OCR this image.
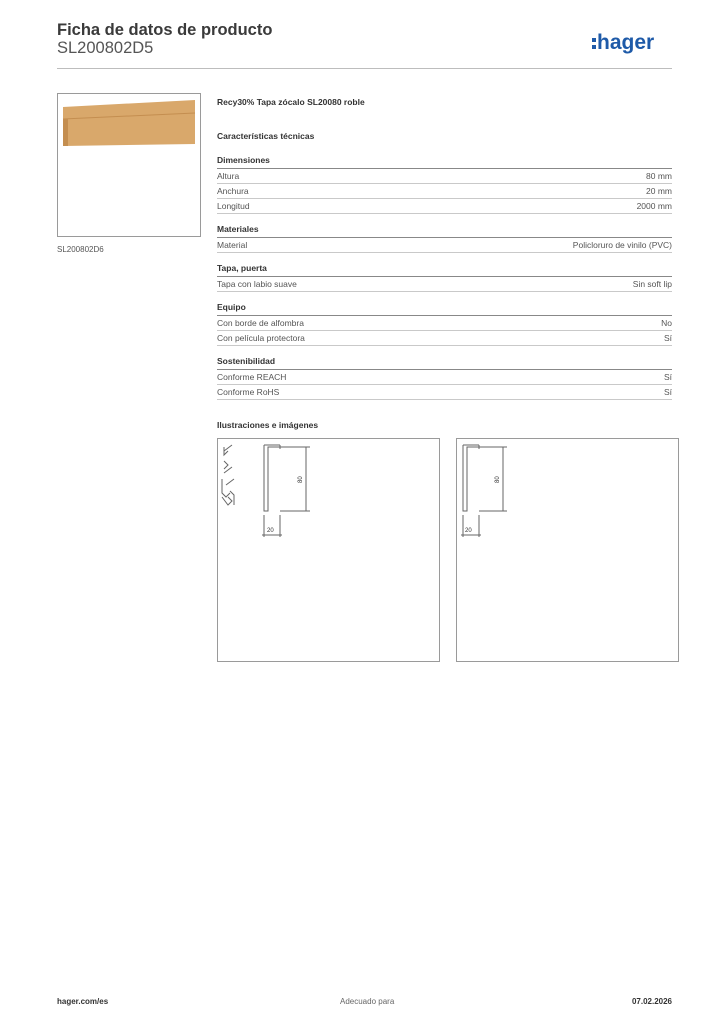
Ficha de datos de producto
SL200802D5	hager
SL200802D6
Recy30% Tapa zócalo SL20080 roble
Características técnicas
Dimensiones
Altura	80 mm
Anchura	20 mm
Longitud	2000 mm
Materiales
Material	Policloruro de vinilo (PVC)
Tapa, puerta
Tapa con labio suave	Sin soft lip
Equipo
Con borde de alfombra	No
Con película protectora	Sí
Sostenibilidad
Conforme REACH	Sí
Conforme RoHS	Sí
Ilustraciones e imágenes
80
20
80
20
hager.com/es	Adecuado para	07.02.2026
